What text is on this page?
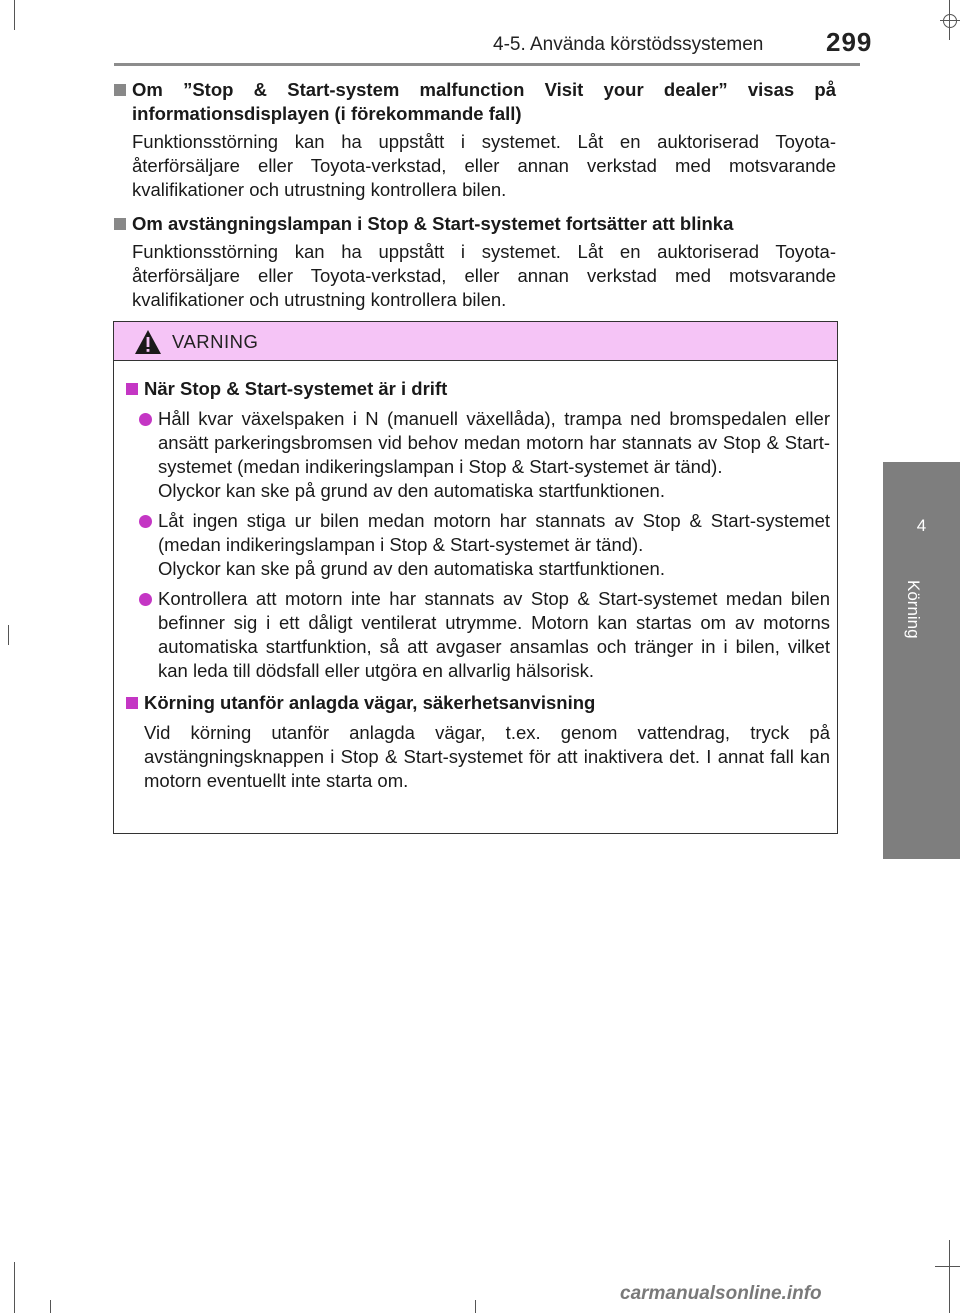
4-5. Använda körstödssystemen 299
4
Körning
Om ”Stop & Start-system malfunction Visit your dealer” visas på informationsdisplayen (i förekommande fall)
Funktionsstörning kan ha uppstått i systemet. Låt en auktoriserad Toyota-återförsäljare eller Toyota-verkstad, eller annan verkstad med motsvarande kvalifikationer och utrustning kontrollera bilen.
Om avstängningslampan i Stop & Start-systemet fortsätter att blinka
Funktionsstörning kan ha uppstått i systemet. Låt en auktoriserad Toyota-återförsäljare eller Toyota-verkstad, eller annan verkstad med motsvarande kvalifikationer och utrustning kontrollera bilen.
VARNING
När Stop & Start-systemet är i drift
Håll kvar växelspaken i N (manuell växellåda), trampa ned bromspedalen eller ansätt parkeringsbromsen vid behov medan motorn har stannats av Stop & Start-systemet (medan indikeringslampan i Stop & Start-systemet är tänd).
Olyckor kan ske på grund av den automatiska startfunktionen.
Låt ingen stiga ur bilen medan motorn har stannats av Stop & Start-systemet (medan indikeringslampan i Stop & Start-systemet är tänd).
Olyckor kan ske på grund av den automatiska startfunktionen.
Kontrollera att motorn inte har stannats av Stop & Start-systemet medan bilen befinner sig i ett dåligt ventilerat utrymme. Motorn kan startas om av motorns automatiska startfunktion, så att avgaser ansamlas och tränger in i bilen, vilket kan leda till dödsfall eller utgöra en allvarlig hälsorisk.
Körning utanför anlagda vägar, säkerhetsanvisning
Vid körning utanför anlagda vägar, t.ex. genom vattendrag, tryck på avstängningsknappen i Stop & Start-systemet för att inaktivera det. I annat fall kan motorn eventuellt inte starta om.
carmanualsonline.info
